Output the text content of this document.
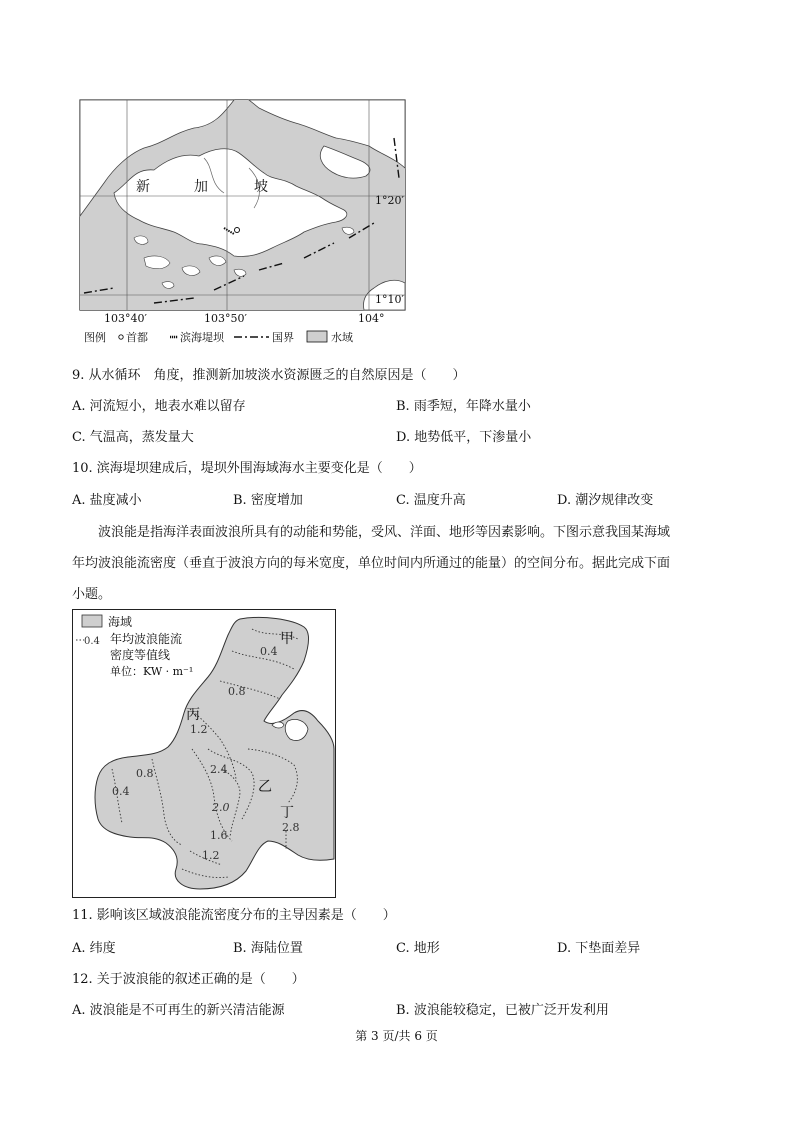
新	加	坡
1°20′
1°10′
103°40′	103°50′	104°
图例 首都	滨海堤坝	国界	水域
9. 从水循环　角度，推测新加坡淡水资源匮乏的自然原因是（　　）
A. 河流短小，地表水难以留存	B. 雨季短，年降水量小
C. 气温高，蒸发量大	D. 地势低平，下渗量小
10. 滨海堤坝建成后，堤坝外围海域海水主要变化是（　　）
A. 盐度减小	B. 密度增加	C. 温度升高	D. 潮汐规律改变
波浪能是指海洋表面波浪所具有的动能和势能，受风、洋面、地形等因素影响。下图示意我国某海域
年均波浪能流密度（垂直于波浪方向的每米宽度，单位时间内所通过的能量）的空间分布。据此完成下面
小题。
甲
丙
乙
丁
0.4
0.8
1.2
0.8
0.4
2.4
2.0
2.8
1.6
1.2
海域
0.4 年均波浪能流
密度等值线
单位：KW · m⁻¹
11. 影响该区域波浪能流密度分布的主导因素是（　　）
A. 纬度	B. 海陆位置	C. 地形	D. 下垫面差异
12. 关于波浪能的叙述正确的是（　　）
A. 波浪能是不可再生的新兴清洁能源	B. 波浪能较稳定，已被广泛开发利用
第 3 页/共 6 页
